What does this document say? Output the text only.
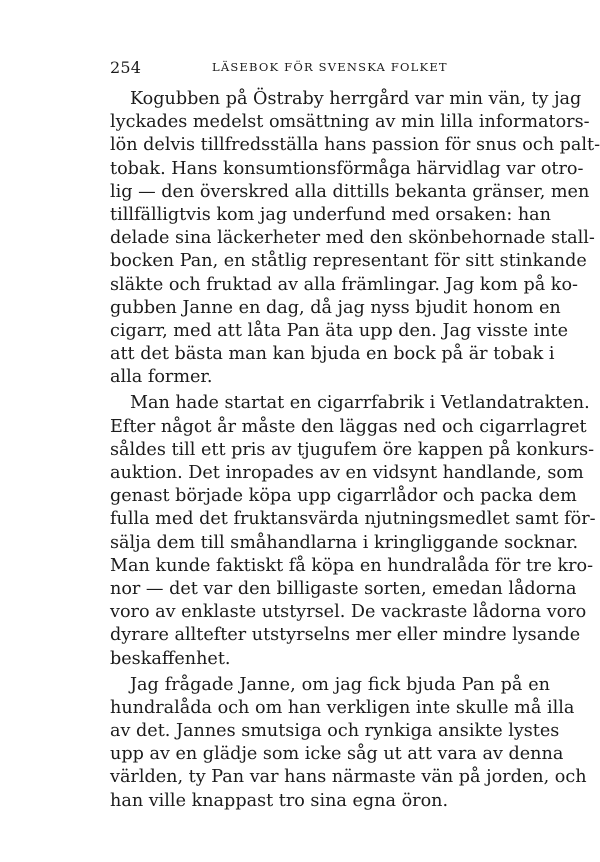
254	LÄSEBOK FÖR SVENSKA FOLKET
Kogubben på Östraby herrgård var min vän, ty jag
lyckades medelst omsättning av min lilla informators-
lön delvis tillfredsställa hans passion för snus och palt-
tobak. Hans konsumtionsförmåga härvidlag var otro-
lig — den överskred alla dittills bekanta gränser, men
tillfälligtvis kom jag underfund med orsaken: han
delade sina läckerheter med den skönbehornade stall-
bocken Pan, en ståtlig representant för sitt stinkande
släkte och fruktad av alla främlingar. Jag kom på ko-
gubben Janne en dag, då jag nyss bjudit honom en
cigarr, med att låta Pan äta upp den. Jag visste inte
att det bästa man kan bjuda en bock på är tobak i
alla former.
Man hade startat en cigarrfabrik i Vetlandatrakten.
Efter något år måste den läggas ned och cigarrlagret
såldes till ett pris av tjugufem öre kappen på konkurs-
auktion. Det inropades av en vidsynt handlande, som
genast började köpa upp cigarrlådor och packa dem
fulla med det fruktansvärda njutningsmedlet samt för-
sälja dem till småhandlarna i kringliggande socknar.
Man kunde faktiskt få köpa en hundralåda för tre kro-
nor — det var den billigaste sorten, emedan lådorna
voro av enklaste utstyrsel. De vackraste lådorna voro
dyrare alltefter utstyrselns mer eller mindre lysande
beskaffenhet.
Jag frågade Janne, om jag fick bjuda Pan på en
hundralåda och om han verkligen inte skulle må illa
av det. Jannes smutsiga och rynkiga ansikte lystes
upp av en glädje som icke såg ut att vara av denna
världen, ty Pan var hans närmaste vän på jorden, och
han ville knappast tro sina egna öron.
